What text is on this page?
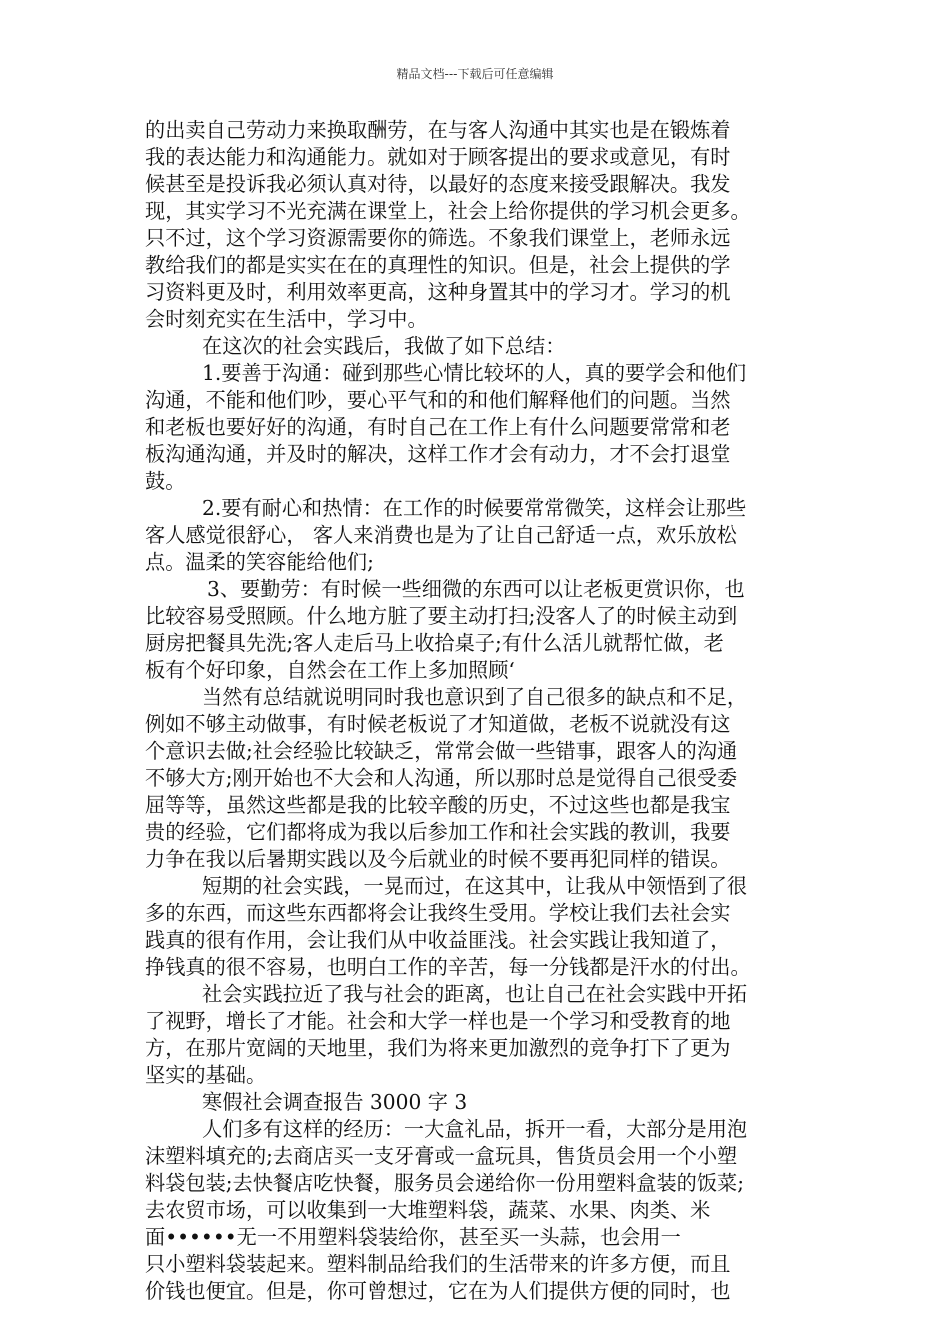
精品文档---下载后可任意编辑
的出卖自己劳动力来换取酬劳，在与客人沟通中其实也是在锻炼着
我的表达能力和沟通能力。就如对于顾客提出的要求或意见，有时
候甚至是投诉我必须认真对待，以最好的态度来接受跟解决。我发
现，其实学习不光充满在课堂上，社会上给你提供的学习机会更多。
只不过，这个学习资源需要你的筛选。不象我们课堂上，老师永远
教给我们的都是实实在在的真理性的知识。但是，社会上提供的学
习资料更及时，利用效率更高，这种身置其中的学习才。学习的机
会时刻充实在生活中，学习中。
在这次的社会实践后，我做了如下总结：
1.要善于沟通：碰到那些心情比较坏的人，真的要学会和他们
沟通，不能和他们吵，要心平气和的和他们解释他们的问题。当然
和老板也要好好的沟通，有时自己在工作上有什么问题要常常和老
板沟通沟通，并及时的解决，这样工作才会有动力，才不会打退堂
鼓。
2.要有耐心和热情：在工作的时候要常常微笑，这样会让那些
客人感觉很舒心， 客人来消费也是为了让自己舒适一点，欢乐放松
点。温柔的笑容能给他们;
3、要勤劳：有时候一些细微的东西可以让老板更赏识你，也
比较容易受照顾。什么地方脏了要主动打扫;没客人了的时候主动到
厨房把餐具先洗;客人走后马上收拾桌子;有什么活儿就帮忙做，老
板有个好印象，自然会在工作上多加照顾‘
当然有总结就说明同时我也意识到了自己很多的缺点和不足，
例如不够主动做事，有时候老板说了才知道做，老板不说就没有这
个意识去做;社会经验比较缺乏，常常会做一些错事，跟客人的沟通
不够大方;刚开始也不大会和人沟通，所以那时总是觉得自己很受委
屈等等，虽然这些都是我的比较辛酸的历史，不过这些也都是我宝
贵的经验，它们都将成为我以后参加工作和社会实践的教训，我要
力争在我以后暑期实践以及今后就业的时候不要再犯同样的错误。
短期的社会实践，一晃而过，在这其中，让我从中领悟到了很
多的东西，而这些东西都将会让我终生受用。学校让我们去社会实
践真的很有作用，会让我们从中收益匪浅。社会实践让我知道了，
挣钱真的很不容易，也明白工作的辛苦，每一分钱都是汗水的付出。
社会实践拉近了我与社会的距离，也让自己在社会实践中开拓
了视野，增长了才能。社会和大学一样也是一个学习和受教育的地
方，在那片宽阔的天地里，我们为将来更加激烈的竞争打下了更为
坚实的基础。
寒假社会调查报告 3000 字 3
人们多有这样的经历：一大盒礼品，拆开一看，大部分是用泡
沫塑料填充的;去商店买一支牙膏或一盒玩具，售货员会用一个小塑
料袋包装;去快餐店吃快餐，服务员会递给你一份用塑料盒装的饭菜;
去农贸市场，可以收集到一大堆塑料袋，蔬菜、水果、肉类、米
面••••••无一不用塑料袋装给你，甚至买一头蒜，也会用一
只小塑料袋装起来。塑料制品给我们的生活带来的许多方便，而且
价钱也便宜。但是，你可曾想过，它在为人们提供方便的同时，也
